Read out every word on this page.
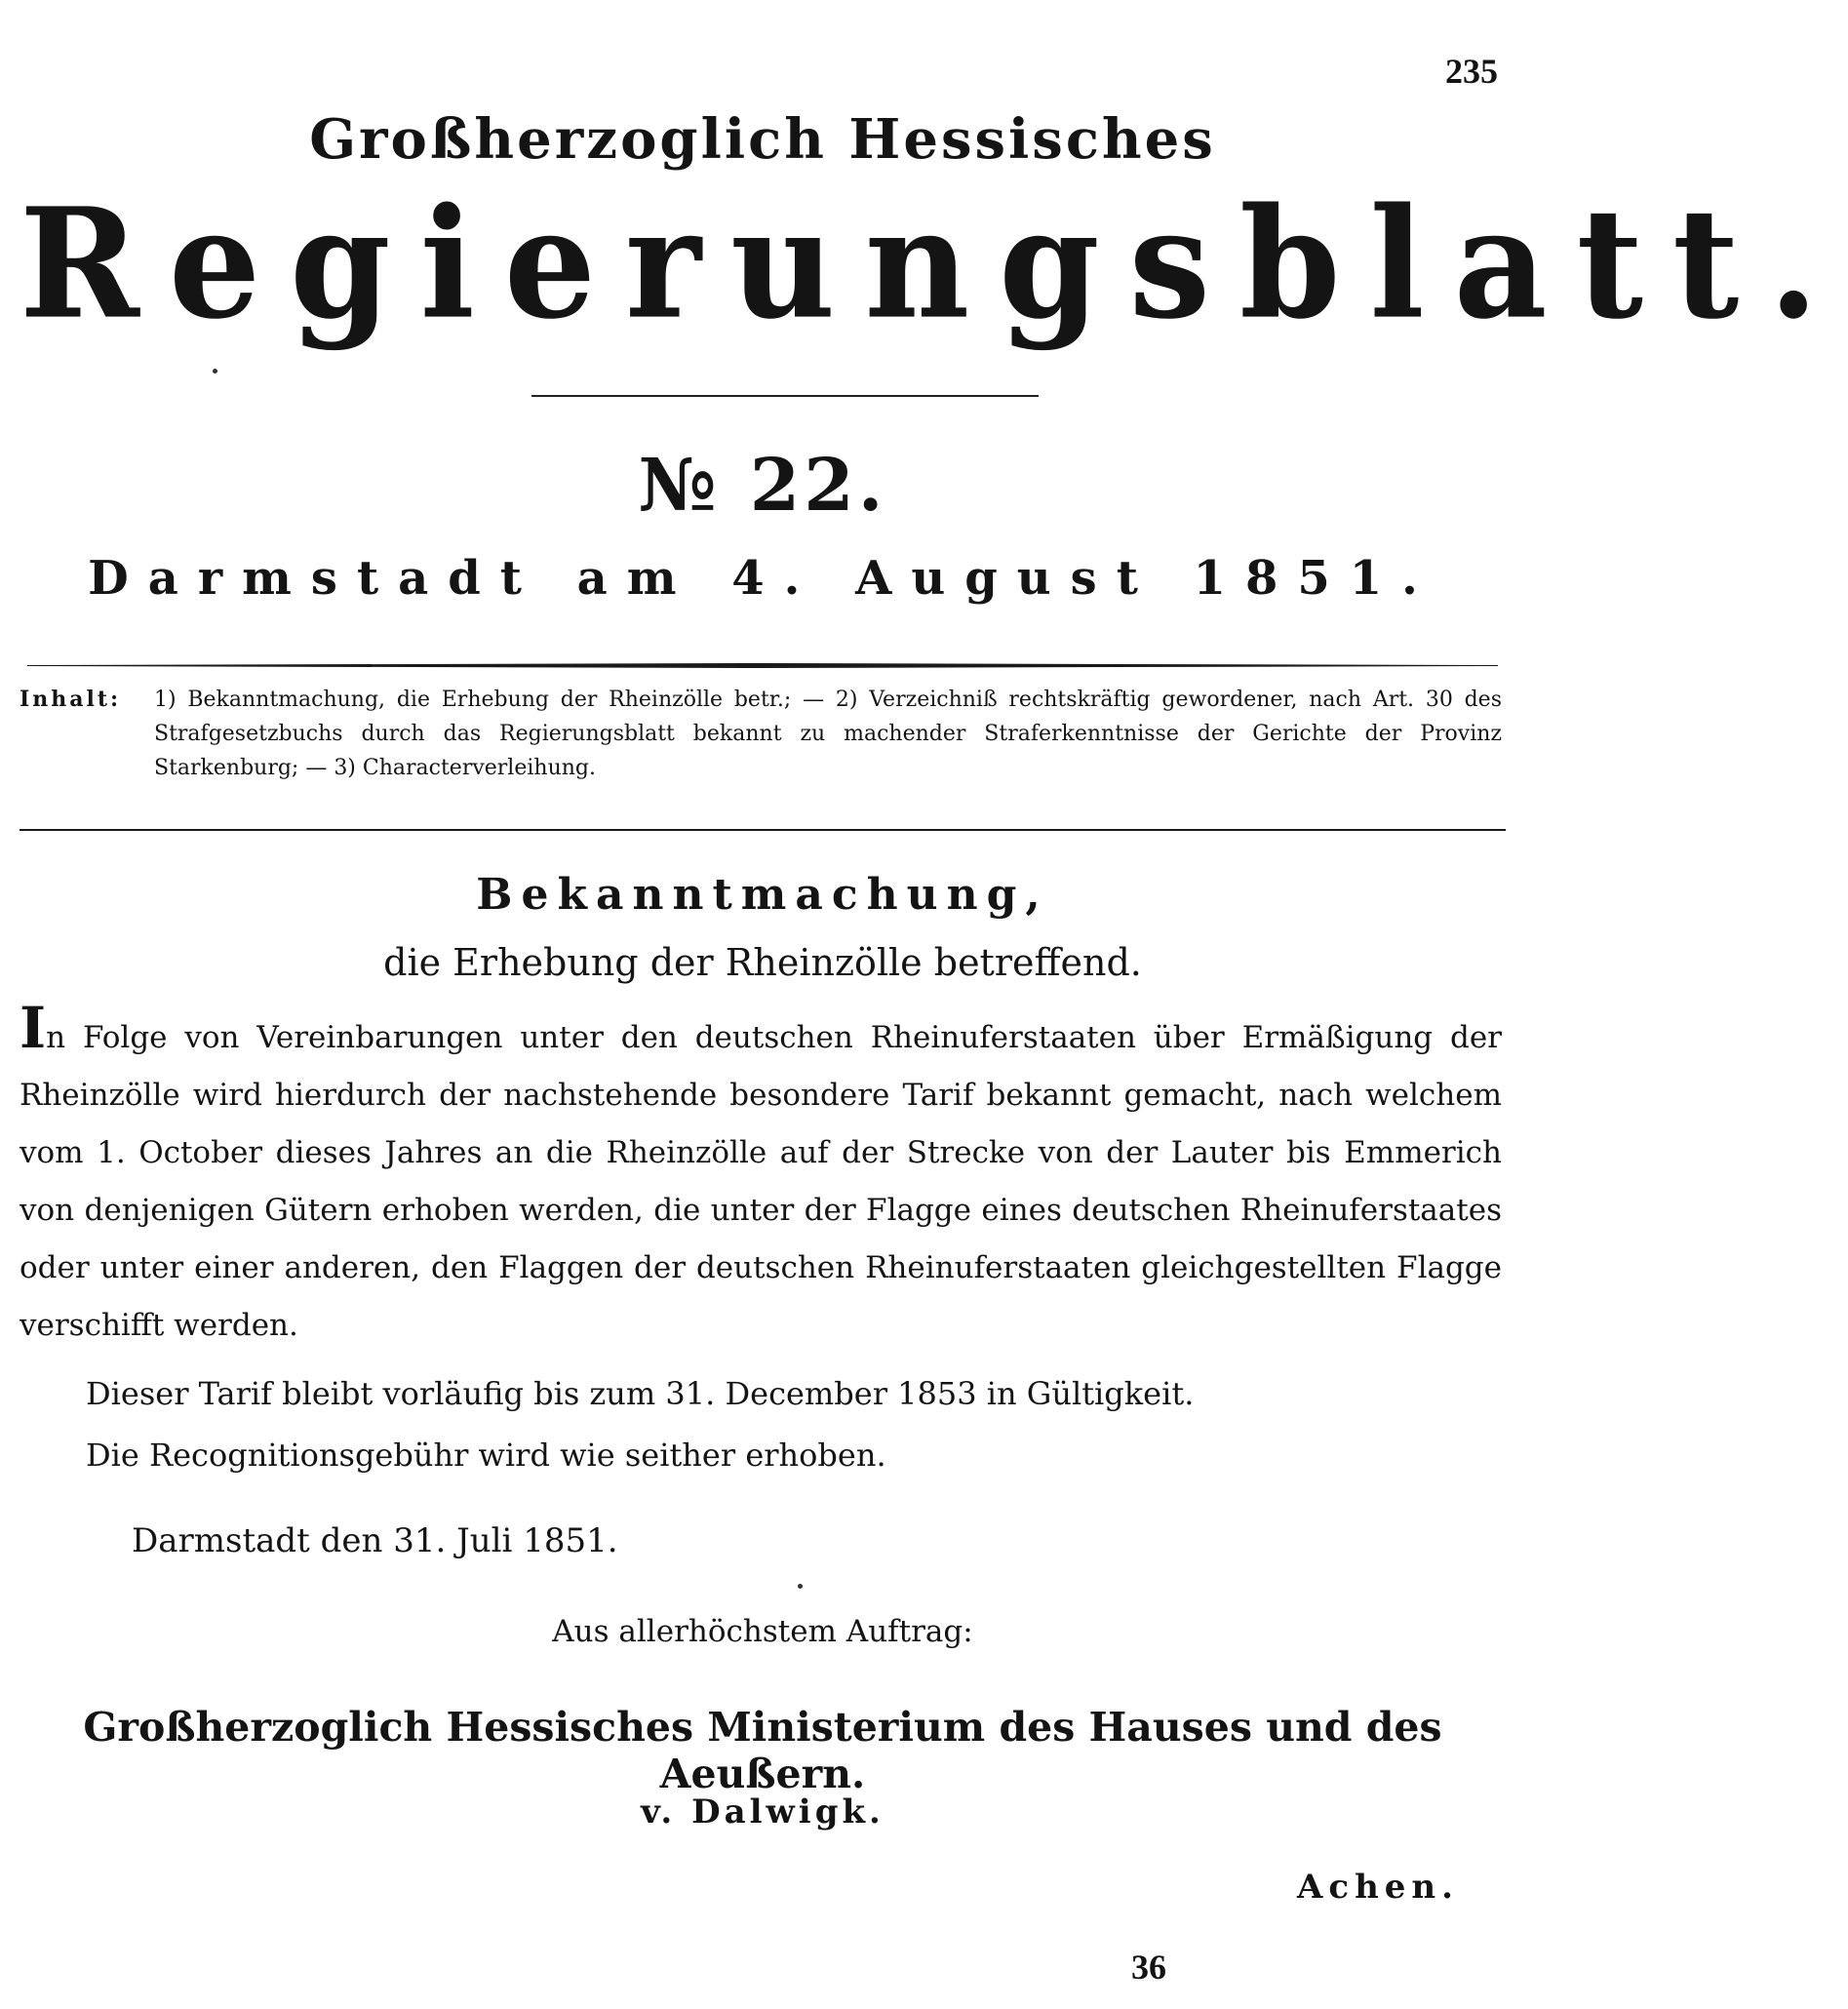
235
Großherzoglich Hessisches
Regierungsblatt.
№ 22.
Darmstadt am 4. August 1851.
Inhalt:	1) Bekanntmachung, die Erhebung der Rheinzölle betr.; — 2) Verzeichniß rechtskräftig gewordener, nach Art. 30 des Strafgesetzbuchs durch das Regierungsblatt bekannt zu machender Straferkenntnisse der Gerichte der Provinz Starkenburg; — 3) Characterverleihung.
Bekanntmachung,
die Erhebung der Rheinzölle betreffend.
In Folge von Vereinbarungen unter den deutschen Rheinuferstaaten über Ermäßigung der Rheinzölle wird hierdurch der nachstehende besondere Tarif bekannt gemacht, nach welchem vom 1. October dieses Jahres an die Rheinzölle auf der Strecke von der Lauter bis Emmerich von denjenigen Gütern erhoben werden, die unter der Flagge eines deutschen Rheinuferstaates oder unter einer anderen, den Flaggen der deutschen Rheinuferstaaten gleichgestellten Flagge verschifft werden.
Dieser Tarif bleibt vorläufig bis zum 31. December 1853 in Gültigkeit.
Die Recognitionsgebühr wird wie seither erhoben.
Darmstadt den 31. Juli 1851.
Aus allerhöchstem Auftrag:
Großherzoglich Hessisches Ministerium des Hauses und des Aeußern.
v. Dalwigk.
Achen.
36
